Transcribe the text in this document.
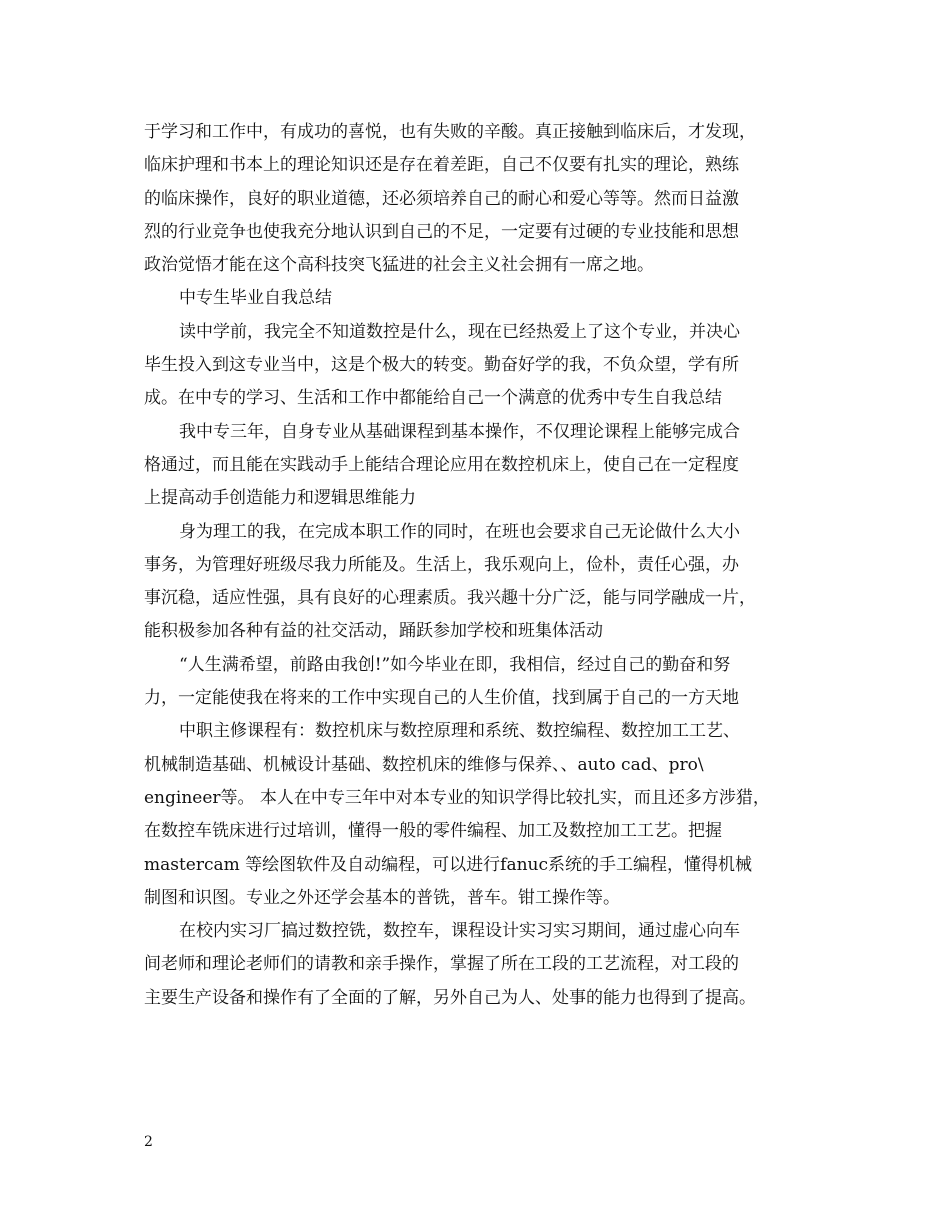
于学习和工作中，有成功的喜悦，也有失败的辛酸。真正接触到临床后，才发现，
临床护理和书本上的理论知识还是存在着差距，自己不仅要有扎实的理论，熟练
的临床操作，良好的职业道德，还必须培养自己的耐心和爱心等等。然而日益激
烈的行业竞争也使我充分地认识到自己的不足，一定要有过硬的专业技能和思想
政治觉悟才能在这个高科技突飞猛进的社会主义社会拥有一席之地。
中专生毕业自我总结
读中学前，我完全不知道数控是什么，现在已经热爱上了这个专业，并决心
毕生投入到这专业当中，这是个极大的转变。勤奋好学的我，不负众望，学有所
成。在中专的学习、生活和工作中都能给自己一个满意的优秀中专生自我总结
我中专三年，自身专业从基础课程到基本操作，不仅理论课程上能够完成合
格通过，而且能在实践动手上能结合理论应用在数控机床上，使自己在一定程度
上提高动手创造能力和逻辑思维能力
身为理工的我，在完成本职工作的同时，在班也会要求自己无论做什么大小
事务，为管理好班级尽我力所能及。生活上，我乐观向上，俭朴，责任心强，办
事沉稳，适应性强，具有良好的心理素质。我兴趣十分广泛，能与同学融成一片，
能积极参加各种有益的社交活动，踊跃参加学校和班集体活动
“人生满希望，前路由我创!”如今毕业在即，我相信，经过自己的勤奋和努
力，一定能使我在将来的工作中实现自己的人生价值，找到属于自己的一方天地
中职主修课程有：数控机床与数控原理和系统、数控编程、数控加工工艺、
机械制造基础、机械设计基础、数控机床的维修与保养、、auto cad、pro\
engineer等。 本人在中专三年中对本专业的知识学得比较扎实，而且还多方涉猎，
在数控车铣床进行过培训，懂得一般的零件编程、加工及数控加工工艺。把握
mastercam 等绘图软件及自动编程，可以进行fanuc系统的手工编程，懂得机械
制图和识图。专业之外还学会基本的普铣，普车。钳工操作等。
在校内实习厂搞过数控铣，数控车，课程设计实习实习期间，通过虚心向车
间老师和理论老师们的请教和亲手操作，掌握了所在工段的工艺流程，对工段的
主要生产设备和操作有了全面的了解，另外自己为人、处事的能力也得到了提高。
2
